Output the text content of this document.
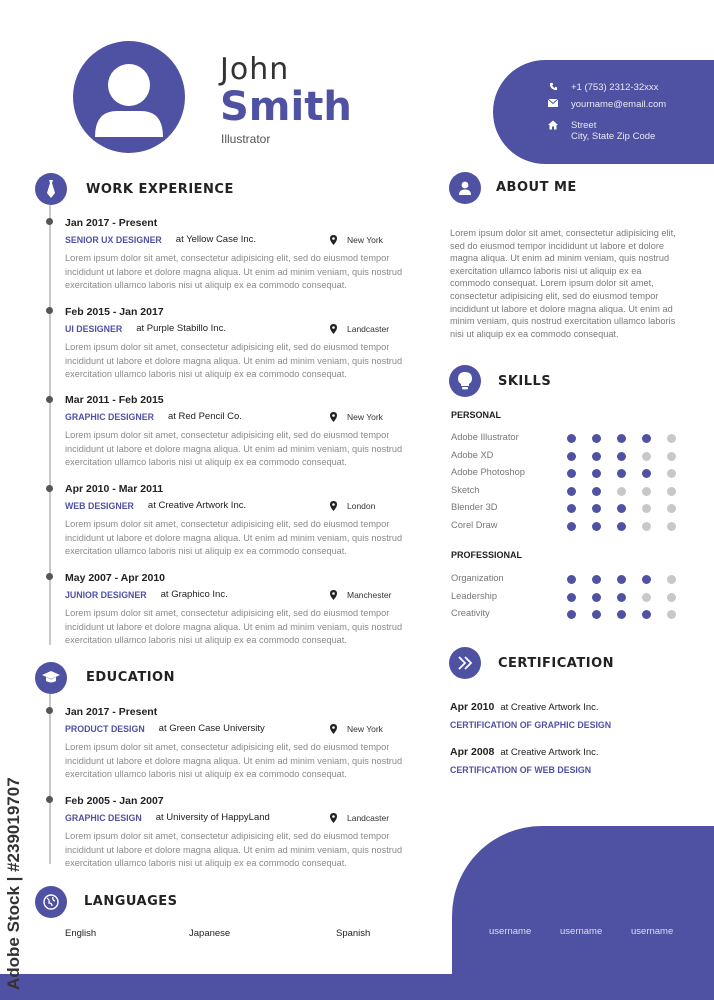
John
Smith
Illustrator
+1 (753) 2312-32xxx
yourname@email.com
Street
City, State Zip Code
WORK EXPERIENCE
Jan 2017 - Present
SENIOR UX DESIGNER at Yellow Case Inc.	New York
Lorem ipsum dolor sit amet, consectetur adipisicing elit, sed do eiusmod tempor incididunt ut labore et dolore magna aliqua. Ut enim ad minim veniam, quis nostrud exercitation ullamco laboris nisi ut aliquip ex ea commodo consequat.
Feb 2015 - Jan 2017
UI DESIGNER at Purple Stabillo Inc.	Landcaster
Lorem ipsum dolor sit amet, consectetur adipisicing elit, sed do eiusmod tempor incididunt ut labore et dolore magna aliqua. Ut enim ad minim veniam, quis nostrud exercitation ullamco laboris nisi ut aliquip ex ea commodo consequat.
Mar 2011 - Feb 2015
GRAPHIC DESIGNER at Red Pencil Co.	New York
Lorem ipsum dolor sit amet, consectetur adipisicing elit, sed do eiusmod tempor incididunt ut labore et dolore magna aliqua. Ut enim ad minim veniam, quis nostrud exercitation ullamco laboris nisi ut aliquip ex ea commodo consequat.
Apr 2010 - Mar 2011
WEB DESIGNER at Creative Artwork Inc.	London
Lorem ipsum dolor sit amet, consectetur adipisicing elit, sed do eiusmod tempor incididunt ut labore et dolore magna aliqua. Ut enim ad minim veniam, quis nostrud exercitation ullamco laboris nisi ut aliquip ex ea commodo consequat.
May 2007 - Apr 2010
JUNIOR DESIGNER at Graphico Inc.	Manchester
Lorem ipsum dolor sit amet, consectetur adipisicing elit, sed do eiusmod tempor incididunt ut labore et dolore magna aliqua. Ut enim ad minim veniam, quis nostrud exercitation ullamco laboris nisi ut aliquip ex ea commodo consequat.
EDUCATION
Jan 2017 - Present
PRODUCT DESIGN at Green Case University	New York
Lorem ipsum dolor sit amet, consectetur adipisicing elit, sed do eiusmod tempor incididunt ut labore et dolore magna aliqua. Ut enim ad minim veniam, quis nostrud exercitation ullamco laboris nisi ut aliquip ex ea commodo consequat.
Feb 2005 - Jan 2007
GRAPHIC DESIGN at University of HappyLand	Landcaster
Lorem ipsum dolor sit amet, consectetur adipisicing elit, sed do eiusmod tempor incididunt ut labore et dolore magna aliqua. Ut enim ad minim veniam, quis nostrud exercitation ullamco laboris nisi ut aliquip ex ea commodo consequat.
LANGUAGES
English	Japanese	Spanish
ABOUT ME
Lorem ipsum dolor sit amet, consectetur adipisicing elit, sed do eiusmod tempor incididunt ut labore et dolore magna aliqua. Ut enim ad minim veniam, quis nostrud exercitation ullamco laboris nisi ut aliquip ex ea commodo consequat. Lorem ipsum dolor sit amet, consectetur adipisicing elit, sed do eiusmod tempor incididunt ut labore et dolore magna aliqua. Ut enim ad minim veniam, quis nostrud exercitation ullamco laboris nisi ut aliquip ex ea commodo consequat.
SKILLS
PERSONAL
Adobe Illustrator
Adobe XD
Adobe Photoshop
Sketch
Blender 3D
Corel Draw
PROFESSIONAL
Organization
Leadership
Creativity
CERTIFICATION
Apr 2010 at Creative Artwork Inc.
CERTIFICATION OF GRAPHIC DESIGN
Apr 2008 at Creative Artwork Inc.
CERTIFICATION OF WEB DESIGN
username	username	username
Adobe Stock | #239019707
